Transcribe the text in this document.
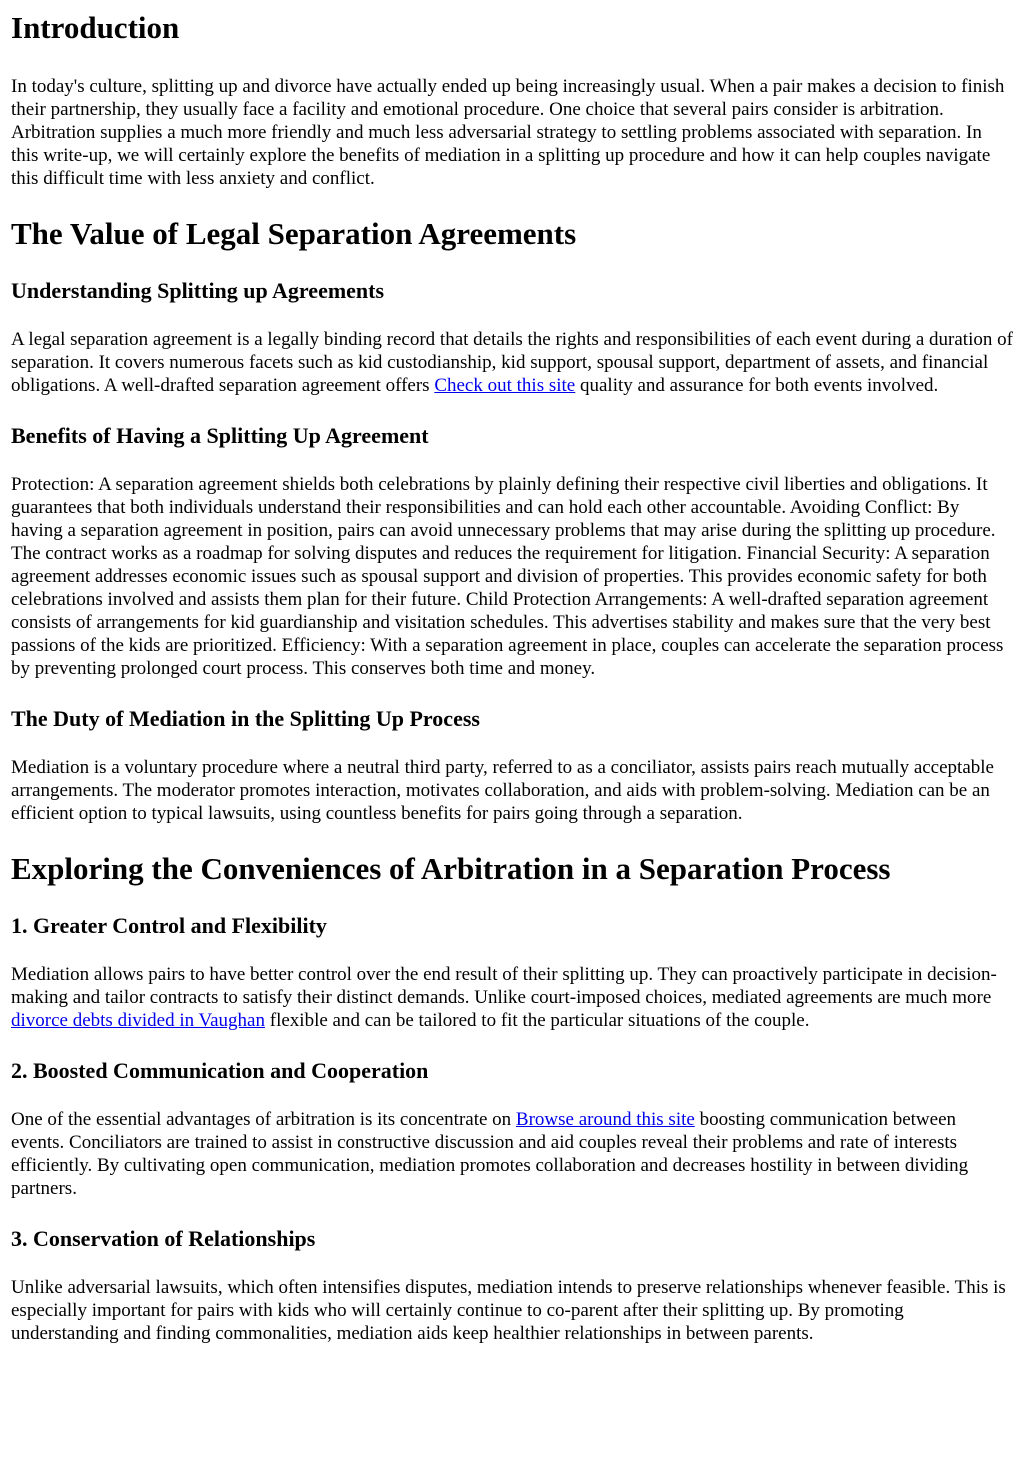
Introduction

In today's culture, splitting up and divorce have actually ended up being increasingly usual. When a pair makes a decision to finish their partnership, they usually face a facility and emotional procedure. One choice that several pairs consider is arbitration. Arbitration supplies a much more friendly and much less adversarial strategy to settling problems associated with separation. In this write-up, we will certainly explore the benefits of mediation in a splitting up procedure and how it can help couples navigate this difficult time with less anxiety and conflict.

The Value of Legal Separation Agreements
Understanding Splitting up Agreements

A legal separation agreement is a legally binding record that details the rights and responsibilities of each event during a duration of separation. It covers numerous facets such as kid custodianship, kid support, spousal support, department of assets, and financial obligations. A well-drafted separation agreement offers Check out this site quality and assurance for both events involved.

Benefits of Having a Splitting Up Agreement

Protection: A separation agreement shields both celebrations by plainly defining their respective civil liberties and obligations. It guarantees that both individuals understand their responsibilities and can hold each other accountable. Avoiding Conflict: By having a separation agreement in position, pairs can avoid unnecessary problems that may arise during the splitting up procedure. The contract works as a roadmap for solving disputes and reduces the requirement for litigation. Financial Security: A separation agreement addresses economic issues such as spousal support and division of properties. This provides economic safety for both celebrations involved and assists them plan for their future. Child Protection Arrangements: A well-drafted separation agreement consists of arrangements for kid guardianship and visitation schedules. This advertises stability and makes sure that the very best passions of the kids are prioritized. Efficiency: With a separation agreement in place, couples can accelerate the separation process by preventing prolonged court process. This conserves both time and money.

The Duty of Mediation in the Splitting Up Process

Mediation is a voluntary procedure where a neutral third party, referred to as a conciliator, assists pairs reach mutually acceptable arrangements. The moderator promotes interaction, motivates collaboration, and aids with problem-solving. Mediation can be an efficient option to typical lawsuits, using countless benefits for pairs going through a separation.

Exploring the Conveniences of Arbitration in a Separation Process
1. Greater Control and Flexibility

Mediation allows pairs to have better control over the end result of their splitting up. They can proactively participate in decision-making and tailor contracts to satisfy their distinct demands. Unlike court-imposed choices, mediated agreements are much more divorce debts divided in Vaughan flexible and can be tailored to fit the particular situations of the couple.

2. Boosted Communication and Cooperation

One of the essential advantages of arbitration is its concentrate on Browse around this site boosting communication between events. Conciliators are trained to assist in constructive discussion and aid couples reveal their problems and rate of interests efficiently. By cultivating open communication, mediation promotes collaboration and decreases hostility in between dividing partners.

3. Conservation of Relationships

Unlike adversarial lawsuits, which often intensifies disputes, mediation intends to preserve relationships whenever feasible. This is especially important for pairs with kids who will certainly continue to co-parent after their splitting up. By promoting understanding and finding commonalities, mediation aids keep healthier relationships in between parents.
